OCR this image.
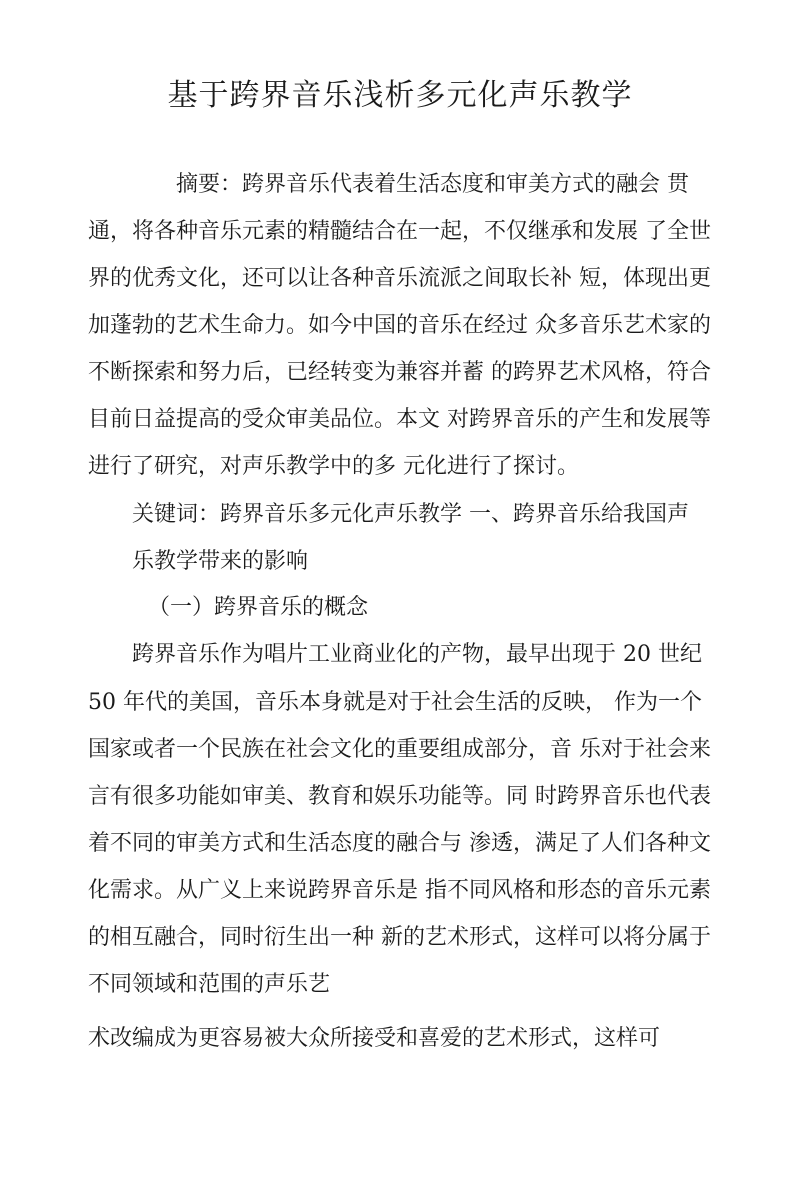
基于跨界音乐浅析多元化声乐教学

摘要：跨界音乐代表着生活态度和审美方式的融会 贯

通，将各种音乐元素的精髓结合在一起，不仅继承和发展 了全世

界的优秀文化，还可以让各种音乐流派之间取长补 短，体现出更

加蓬勃的艺术生命力。如今中国的音乐在经过 众多音乐艺术家的

不断探索和努力后，已经转变为兼容并蓄 的跨界艺术风格，符合

目前日益提高的受众审美品位。本文 对跨界音乐的产生和发展等

进行了研究，对声乐教学中的多 元化进行了探讨。

关键词：跨界音乐多元化声乐教学 一、跨界音乐给我国声

乐教学带来的影响

（一）跨界音乐的概念

跨界音乐作为唱片工业商业化的产物，最早出现于 20 世纪

50 年代的美国，音乐本身就是对于社会生活的反映， 作为一个

国家或者一个民族在社会文化的重要组成部分，音 乐对于社会来

言有很多功能如审美、教育和娱乐功能等。同 时跨界音乐也代表

着不同的审美方式和生活态度的融合与 渗透，满足了人们各种文

化需求。从广义上来说跨界音乐是 指不同风格和形态的音乐元素

的相互融合，同时衍生出一种 新的艺术形式，这样可以将分属于

不同领域和范围的声乐艺

术改编成为更容易被大众所接受和喜爱的艺术形式，这样可
